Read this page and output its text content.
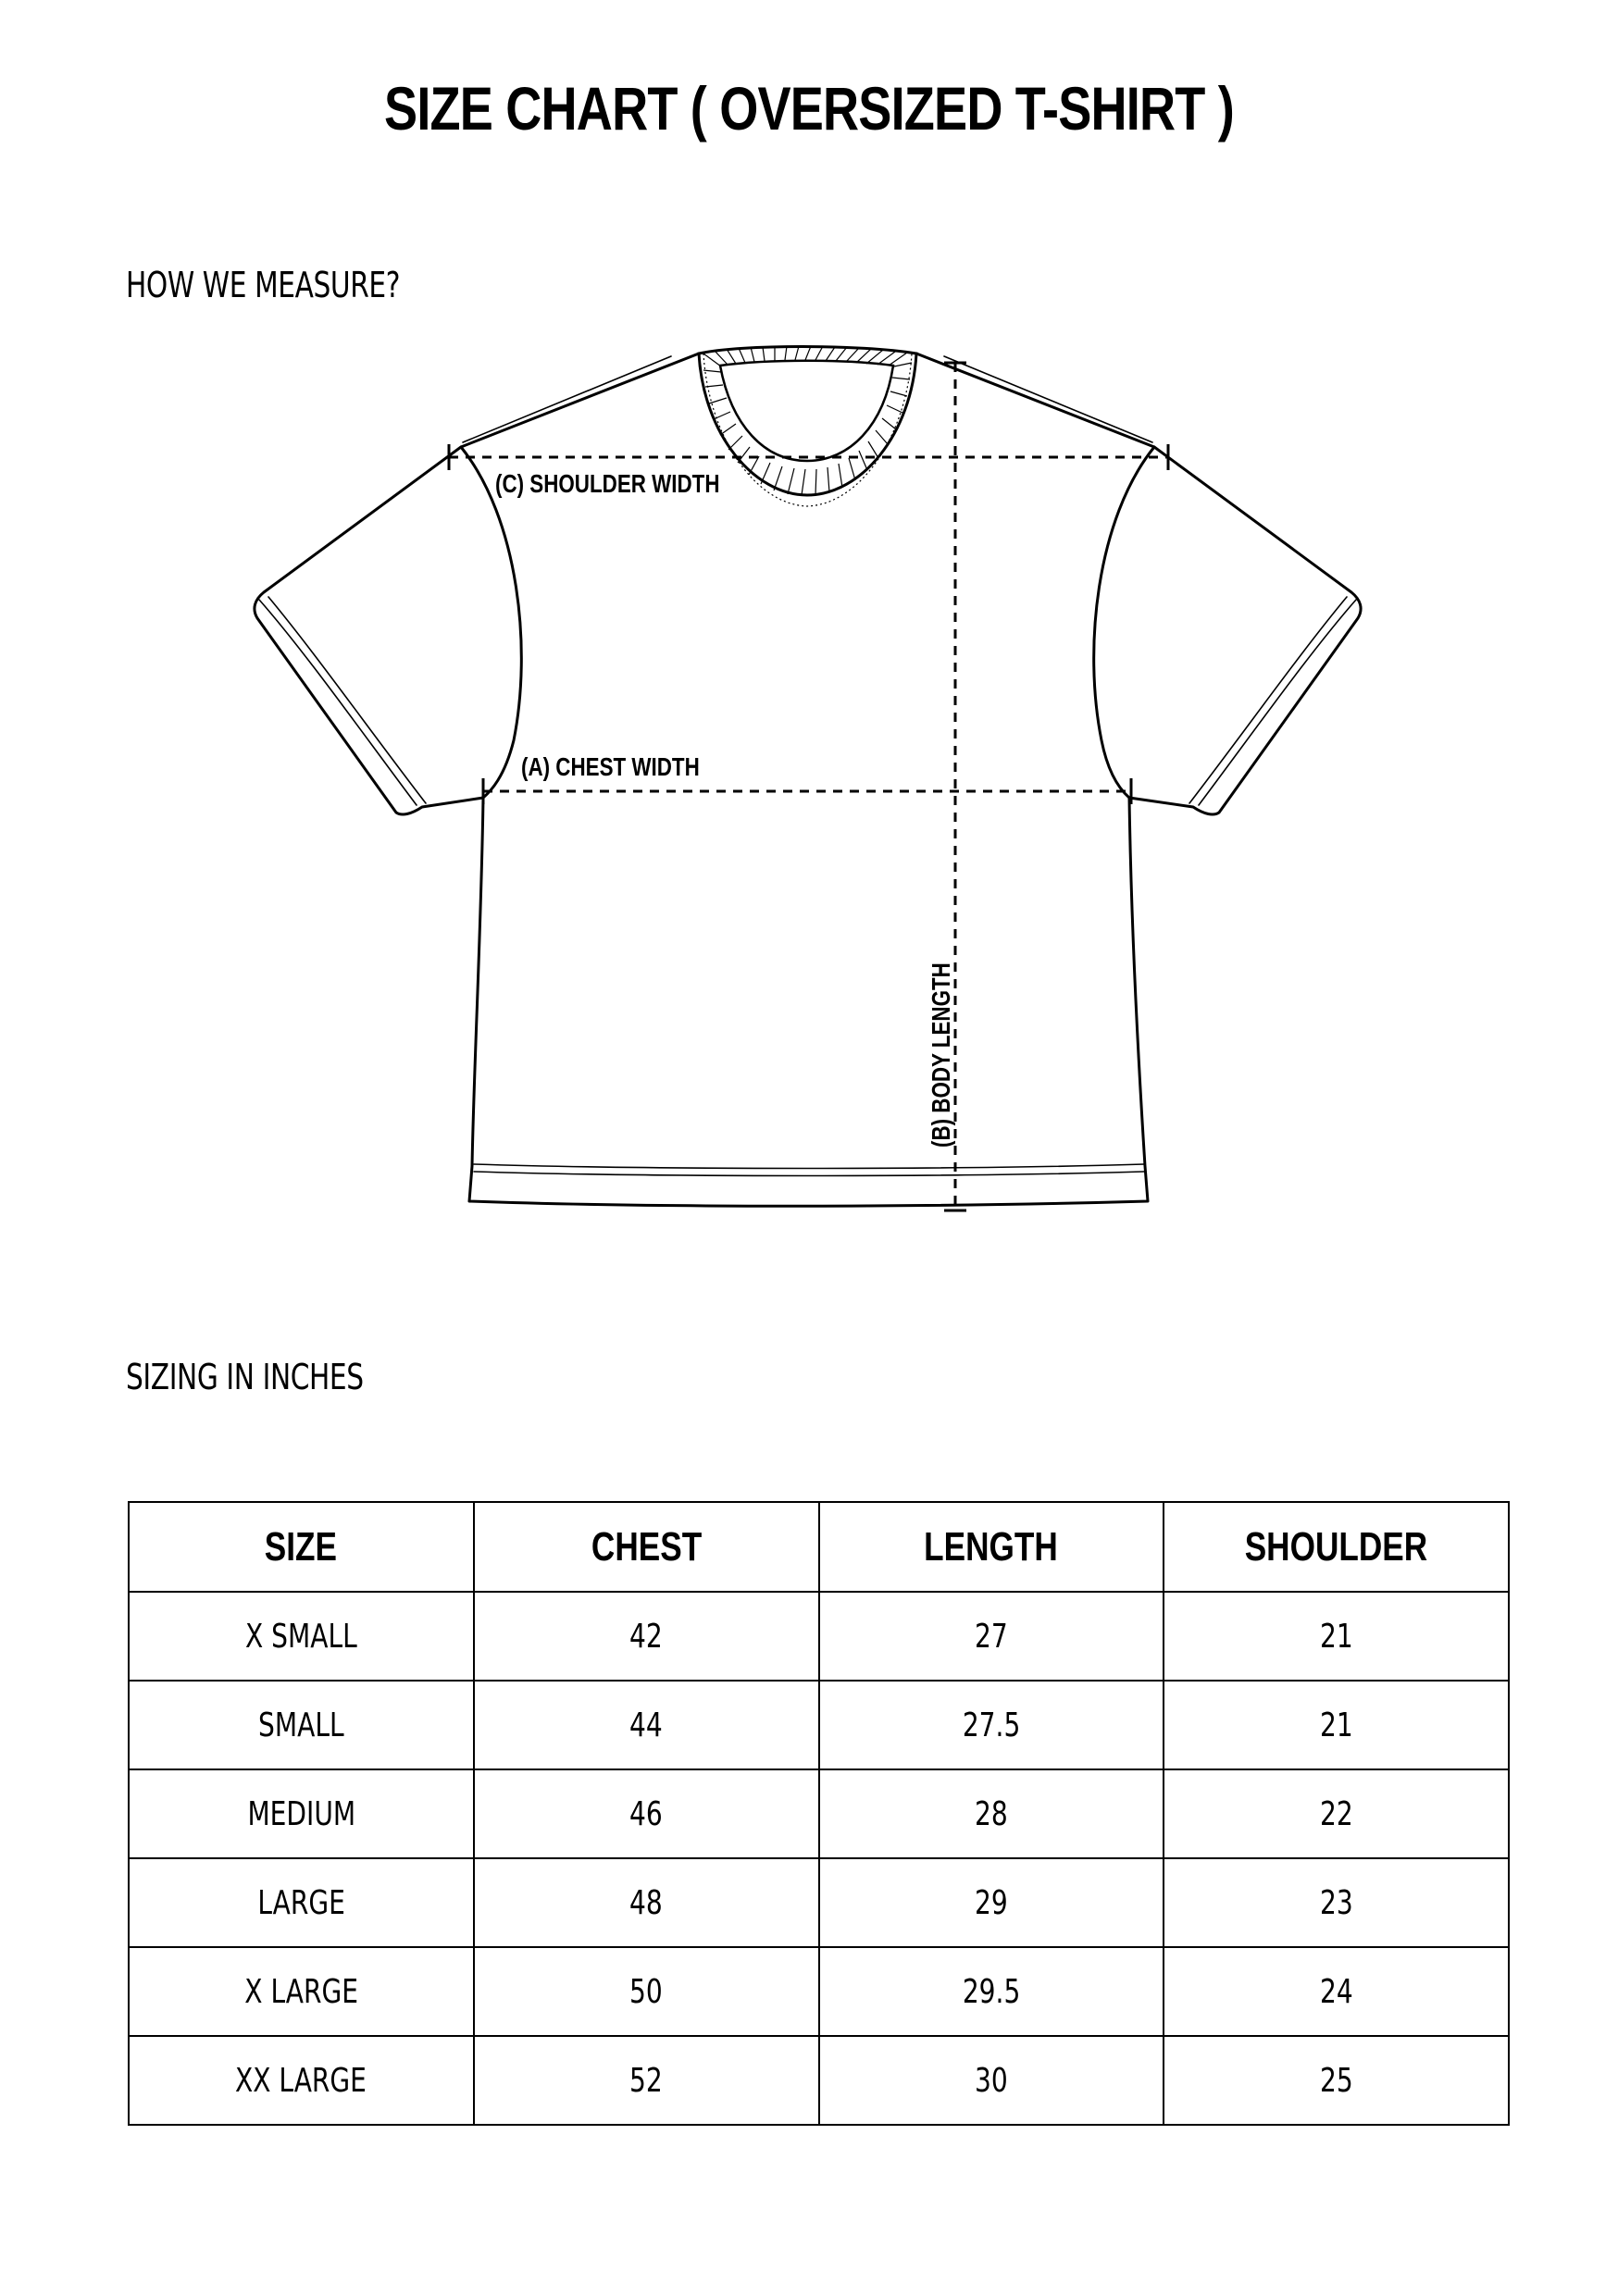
SIZE CHART ( OVERSIZED T-SHIRT )
HOW WE MEASURE?
(C) SHOULDER WIDTH
(A) CHEST WIDTH
(B) BODY LENGTH
SIZING IN INCHES
SIZE	CHEST	LENGTH	SHOULDER
X SMALL	42	27	21
SMALL	44	27.5	21
MEDIUM	46	28	22
LARGE	48	29	23
X LARGE	50	29.5	24
XX LARGE	52	30	25
